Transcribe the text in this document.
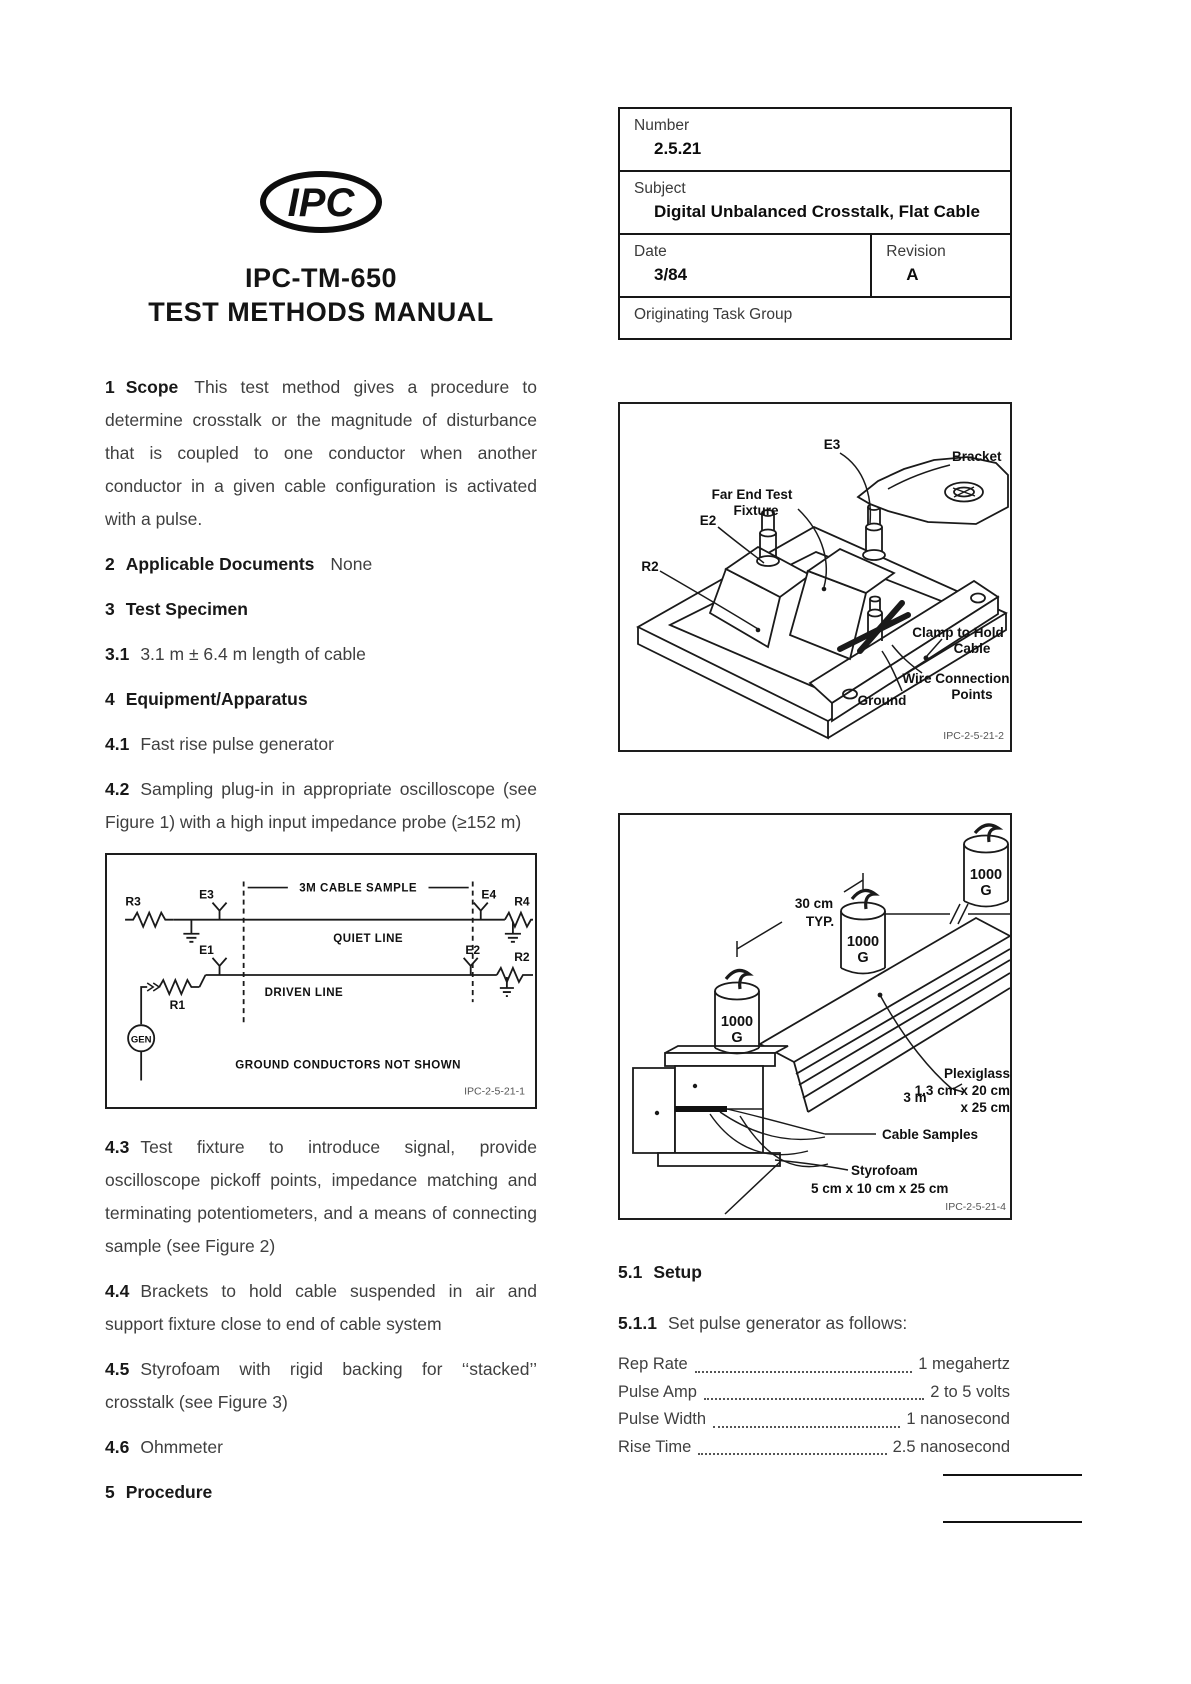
IPC
IPC-TM-650
TEST METHODS MANUAL

1 Scope This test method gives a procedure to determine crosstalk or the magnitude of disturbance that is coupled to one conductor when another conductor in a given cable configuration is activated with a pulse.

2 Applicable Documents None

3 Test Specimen

3.1 3.1 m ± 6.4 m length of cable

4 Equipment/Apparatus

4.1 Fast rise pulse generator

4.2 Sampling plug-in in appropriate oscilloscope (see Figure 1) with a high input impedance probe (≥152 m)

R3
E3	3M CABLE SAMPLE	E4
R4
QUIET LINE
E1	E2
R2
DRIVEN LINE
R1
GEN
GROUND CONDUCTORS NOT SHOWN
IPC-2-5-21-1

4.3 Test fixture to introduce signal, provide oscilloscope pickoff points, impedance matching and terminating potentiometers, and a means of connecting sample (see Figure 2)

4.4 Brackets to hold cable suspended in air and support fixture close to end of cable system

4.5 Styrofoam with rigid backing for ‘‘stacked’’ crosstalk (see Figure 3)

4.6 Ohmmeter

5 Procedure

Number
2.5.21
Subject
Digital Unbalanced Crosstalk, Flat Cable
Date
3/84
Revision
A
Originating Task Group
E3
Bracket
Far End Test
Fixture
E2
R2
Clamp to Hold
Cable
Wire Connection
Points
Ground
IPC-2-5-21-2
30 cm
TYP.
1000
G
1000
G
1000
G
3 m
Plexiglass
1.3 cm x 20 cm
x 25 cm
Cable Samples
Styrofoam
5 cm x 10 cm x 25 cm
IPC-2-5-21-4

5.1 Setup

5.1.1 Set pulse generator as follows:

Rep Rate	1 megahertz
Pulse Amp	2 to 5 volts
Pulse Width	1 nanosecond
Rise Time	2.5 nanosecond
